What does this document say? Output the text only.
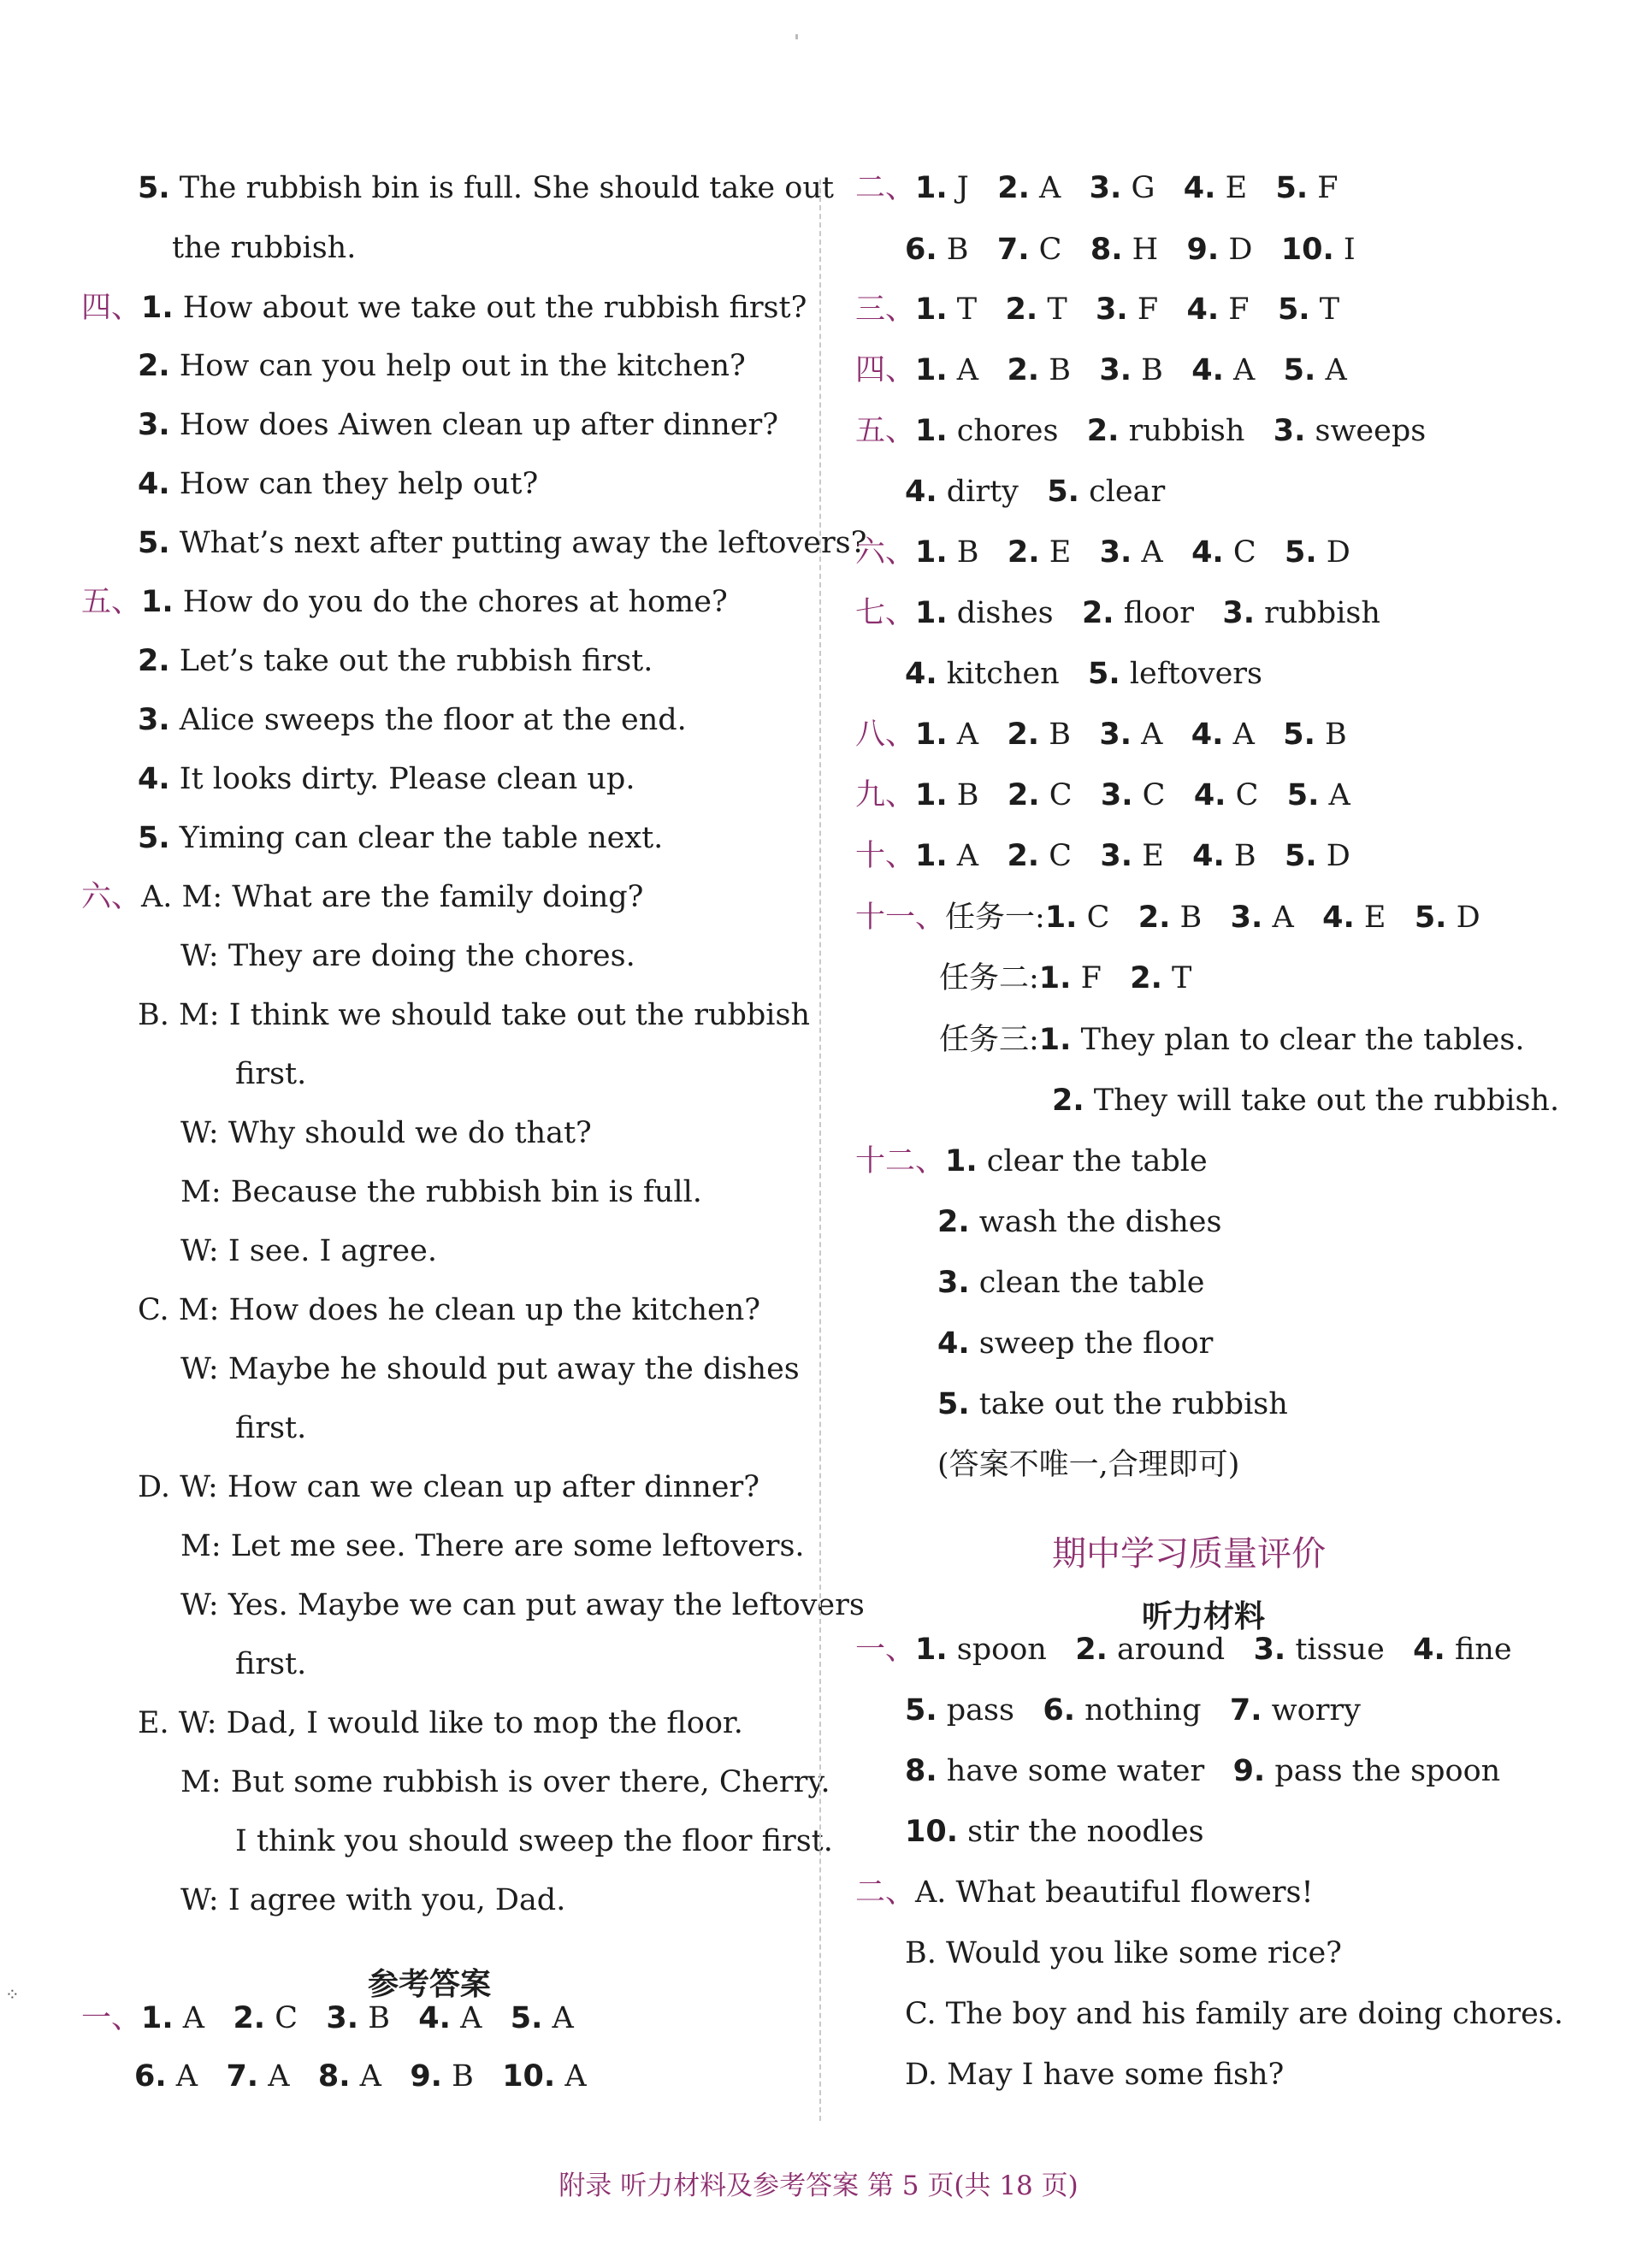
⁘	参考答案
5. The rubbish bin is full. She should take out
the rubbish.
四、1. How about we take out the rubbish first?
2. How can you help out in the kitchen?
3. How does Aiwen clean up after dinner?
4. How can they help out?
5. What’s next after putting away the leftovers?
五、1. How do you do the chores at home?
2. Let’s take out the rubbish first.
3. Alice sweeps the floor at the end.
4. It looks dirty. Please clean up.
5. Yiming can clear the table next.
六、A. M: What are the family doing?
W: They are doing the chores.
B. M: I think we should take out the rubbish
first.
W: Why should we do that?
M: Because the rubbish bin is full.
W: I see. I agree.
C. M: How does he clean up the kitchen?
W: Maybe he should put away the dishes
first.
D. W: How can we clean up after dinner?
M: Let me see. There are some leftovers.
W: Yes. Maybe we can put away the leftovers
first.
E. W: Dad, I would like to mop the floor.
M: But some rubbish is over there, Cherry.
I think you should sweep the floor first.
W: I agree with you, Dad.
一、1. A   2. C   3. B   4. A   5. A
6. A   7. A   8. A   9. B   10. A
期中学习质量评价
听力材料
二、1. J   2. A   3. G   4. E   5. F
6. B   7. C   8. H   9. D   10. I
三、1. T   2. T   3. F   4. F   5. T
四、1. A   2. B   3. B   4. A   5. A
五、1. chores   2. rubbish   3. sweeps
4. dirty   5. clear
六、1. B   2. E   3. A   4. C   5. D
七、1. dishes   2. floor   3. rubbish
4. kitchen   5. leftovers
八、1. A   2. B   3. A   4. A   5. B
九、1. B   2. C   3. C   4. C   5. A
十、1. A   2. C   3. E   4. B   5. D
十一、任务一:1. C   2. B   3. A   4. E   5. D
任务二:1. F   2. T
任务三:1. They plan to clear the tables.
2. They will take out the rubbish.
十二、1. clear the table
2. wash the dishes
3. clean the table
4. sweep the floor
5. take out the rubbish
(答案不唯一,合理即可)
一、1. spoon   2. around   3. tissue   4. fine
5. pass   6. nothing   7. worry
8. have some water   9. pass the spoon
10. stir the noodles
二、A. What beautiful flowers!
B. Would you like some rice?
C. The boy and his family are doing chores.
D. May I have some fish?
附录 听力材料及参考答案 第 5 页(共 18 页)
